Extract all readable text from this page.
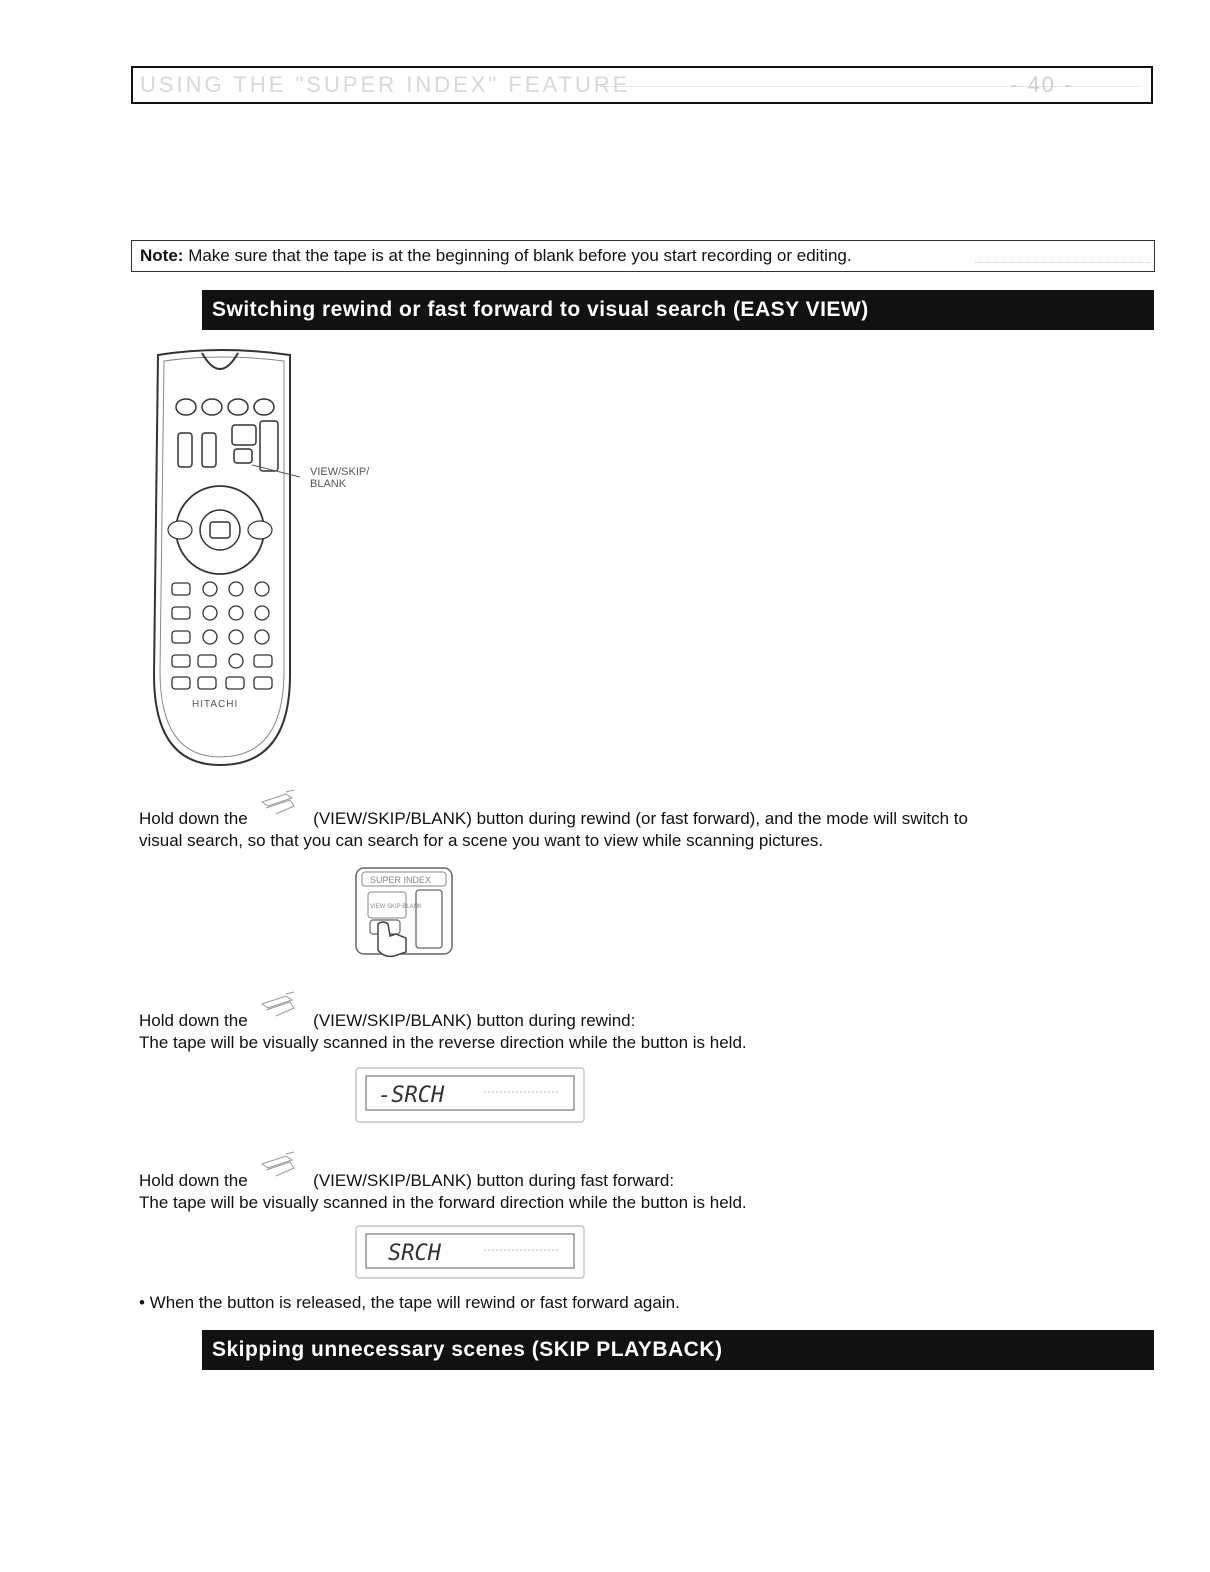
USING THE "SUPER INDEX" FEATURE	- 40 -
Note: Make sure that the tape is at the beginning of blank before you start recording or editing.
Switching rewind or fast forward to visual search (EASY VIEW)
HITACHI
VIEW/SKIP/
BLANK
Hold down the	(VIEW/SKIP/BLANK) button during rewind (or fast forward), and the mode will switch to
visual search, so that you can search for a scene you want to view while scanning pictures.
SUPER INDEX
VIEW SKIP BLANK
Hold down the	(VIEW/SKIP/BLANK) button during rewind:
The tape will be visually scanned in the reverse direction while the button is held.
-SRCH
Hold down the	(VIEW/SKIP/BLANK) button during fast forward:
The tape will be visually scanned in the forward direction while the button is held.
SRCH
• When the button is released, the tape will rewind or fast forward again.
Skipping unnecessary scenes (SKIP PLAYBACK)
